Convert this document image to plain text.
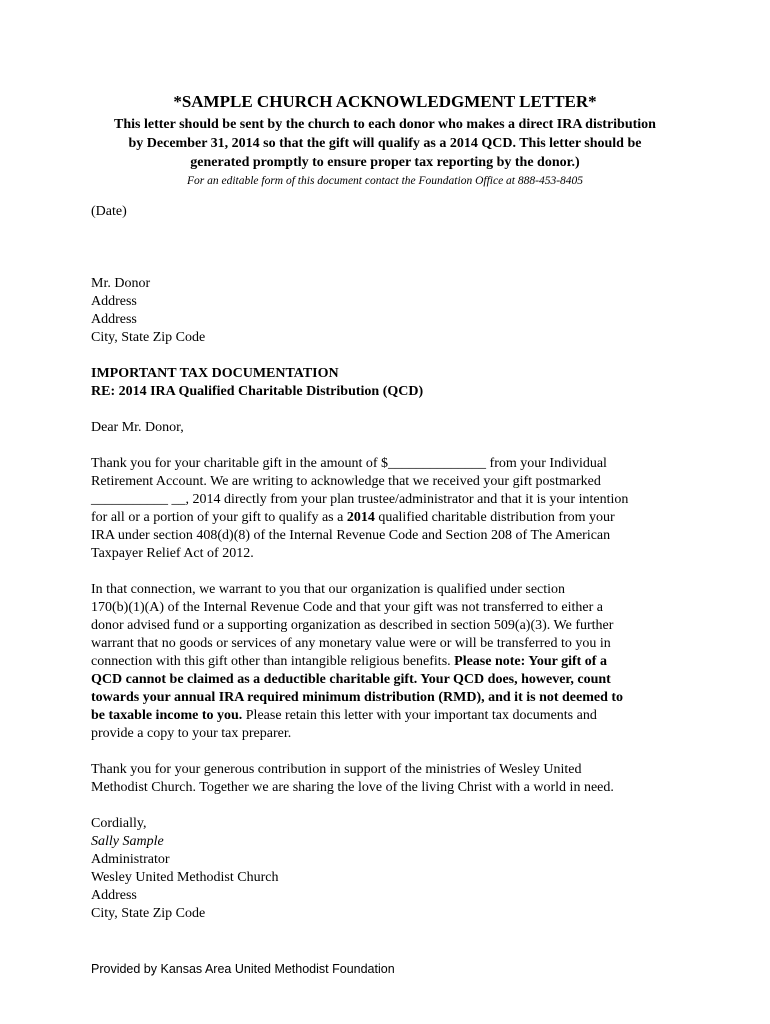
*SAMPLE CHURCH ACKNOWLEDGMENT LETTER*
This letter should be sent by the church to each donor who makes a direct IRA distribution
by December 31, 2014 so that the gift will qualify as a 2014 QCD. This letter should be
generated promptly to ensure proper tax reporting by the donor.)
For an editable form of this document contact the Foundation Office at 888-453-8405

(Date)

Mr. Donor
Address
Address
City, State Zip Code

IMPORTANT TAX DOCUMENTATION
RE: 2014 IRA Qualified Charitable Distribution (QCD)

Dear Mr. Donor,

Thank you for your charitable gift in the amount of $______________ from your Individual
Retirement Account. We are writing to acknowledge that we received your gift postmarked
___________ __, 2014 directly from your plan trustee/administrator and that it is your intention
for all or a portion of your gift to qualify as a 2014 qualified charitable distribution from your
IRA under section 408(d)(8) of the Internal Revenue Code and Section 208 of The American
Taxpayer Relief Act of 2012.

In that connection, we warrant to you that our organization is qualified under section
170(b)(1)(A) of the Internal Revenue Code and that your gift was not transferred to either a
donor advised fund or a supporting organization as described in section 509(a)(3). We further
warrant that no goods or services of any monetary value were or will be transferred to you in
connection with this gift other than intangible religious benefits. Please note: Your gift of a
QCD cannot be claimed as a deductible charitable gift. Your QCD does, however, count
towards your annual IRA required minimum distribution (RMD), and it is not deemed to
be taxable income to you. Please retain this letter with your important tax documents and
provide a copy to your tax preparer.

Thank you for your generous contribution in support of the ministries of Wesley United
Methodist Church. Together we are sharing the love of the living Christ with a world in need.

Cordially,
Sally Sample
Administrator
Wesley United Methodist Church
Address
City, State Zip Code

Provided by Kansas Area United Methodist Foundation
